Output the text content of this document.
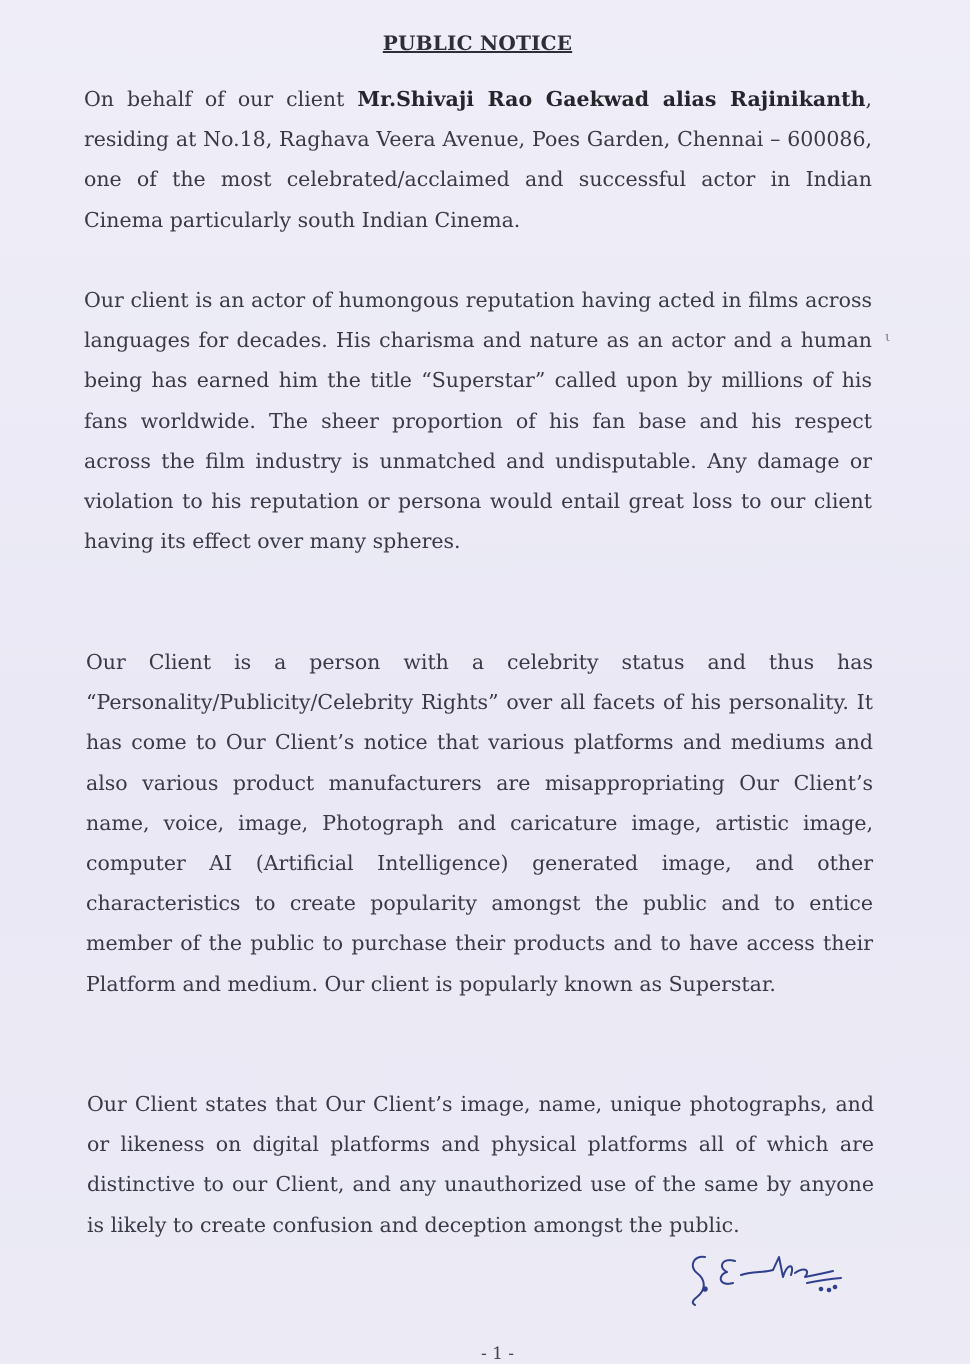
PUBLIC NOTICE
On behalf of our client Mr.Shivaji Rao Gaekwad alias Rajinikanth, residing at No.18, Raghava Veera Avenue, Poes Garden, Chennai – 600086, one of the most celebrated/acclaimed and successful actor in Indian Cinema particularly south Indian Cinema.
Our client is an actor of humongous reputation having acted in films across languages for decades. His charisma and nature as an actor and a human being has earned him the title “Superstar” called upon by millions of his fans worldwide. The sheer proportion of his fan base and his respect across the film industry is unmatched and undisputable. Any damage or violation to his reputation or persona would entail great loss to our client having its effect over many spheres.
ι
Our Client is a person with a celebrity status and thus has “Personality/Publicity/Celebrity Rights” over all facets of his personality. It has come to Our Client’s notice that various platforms and mediums and also various product manufacturers are misappropriating Our Client’s name, voice, image, Photograph and caricature image, artistic image, computer AI (Artificial Intelligence) generated image, and other characteristics to create popularity amongst the public and to entice member of the public to purchase their products and to have access their Platform and medium. Our client is popularly known as Superstar.
Our Client states that Our Client’s image, name, unique photographs, and or likeness on digital platforms and physical platforms all of which are distinctive to our Client, and any unauthorized use of the same by anyone is likely to create confusion and deception amongst the public.
- 1 -
